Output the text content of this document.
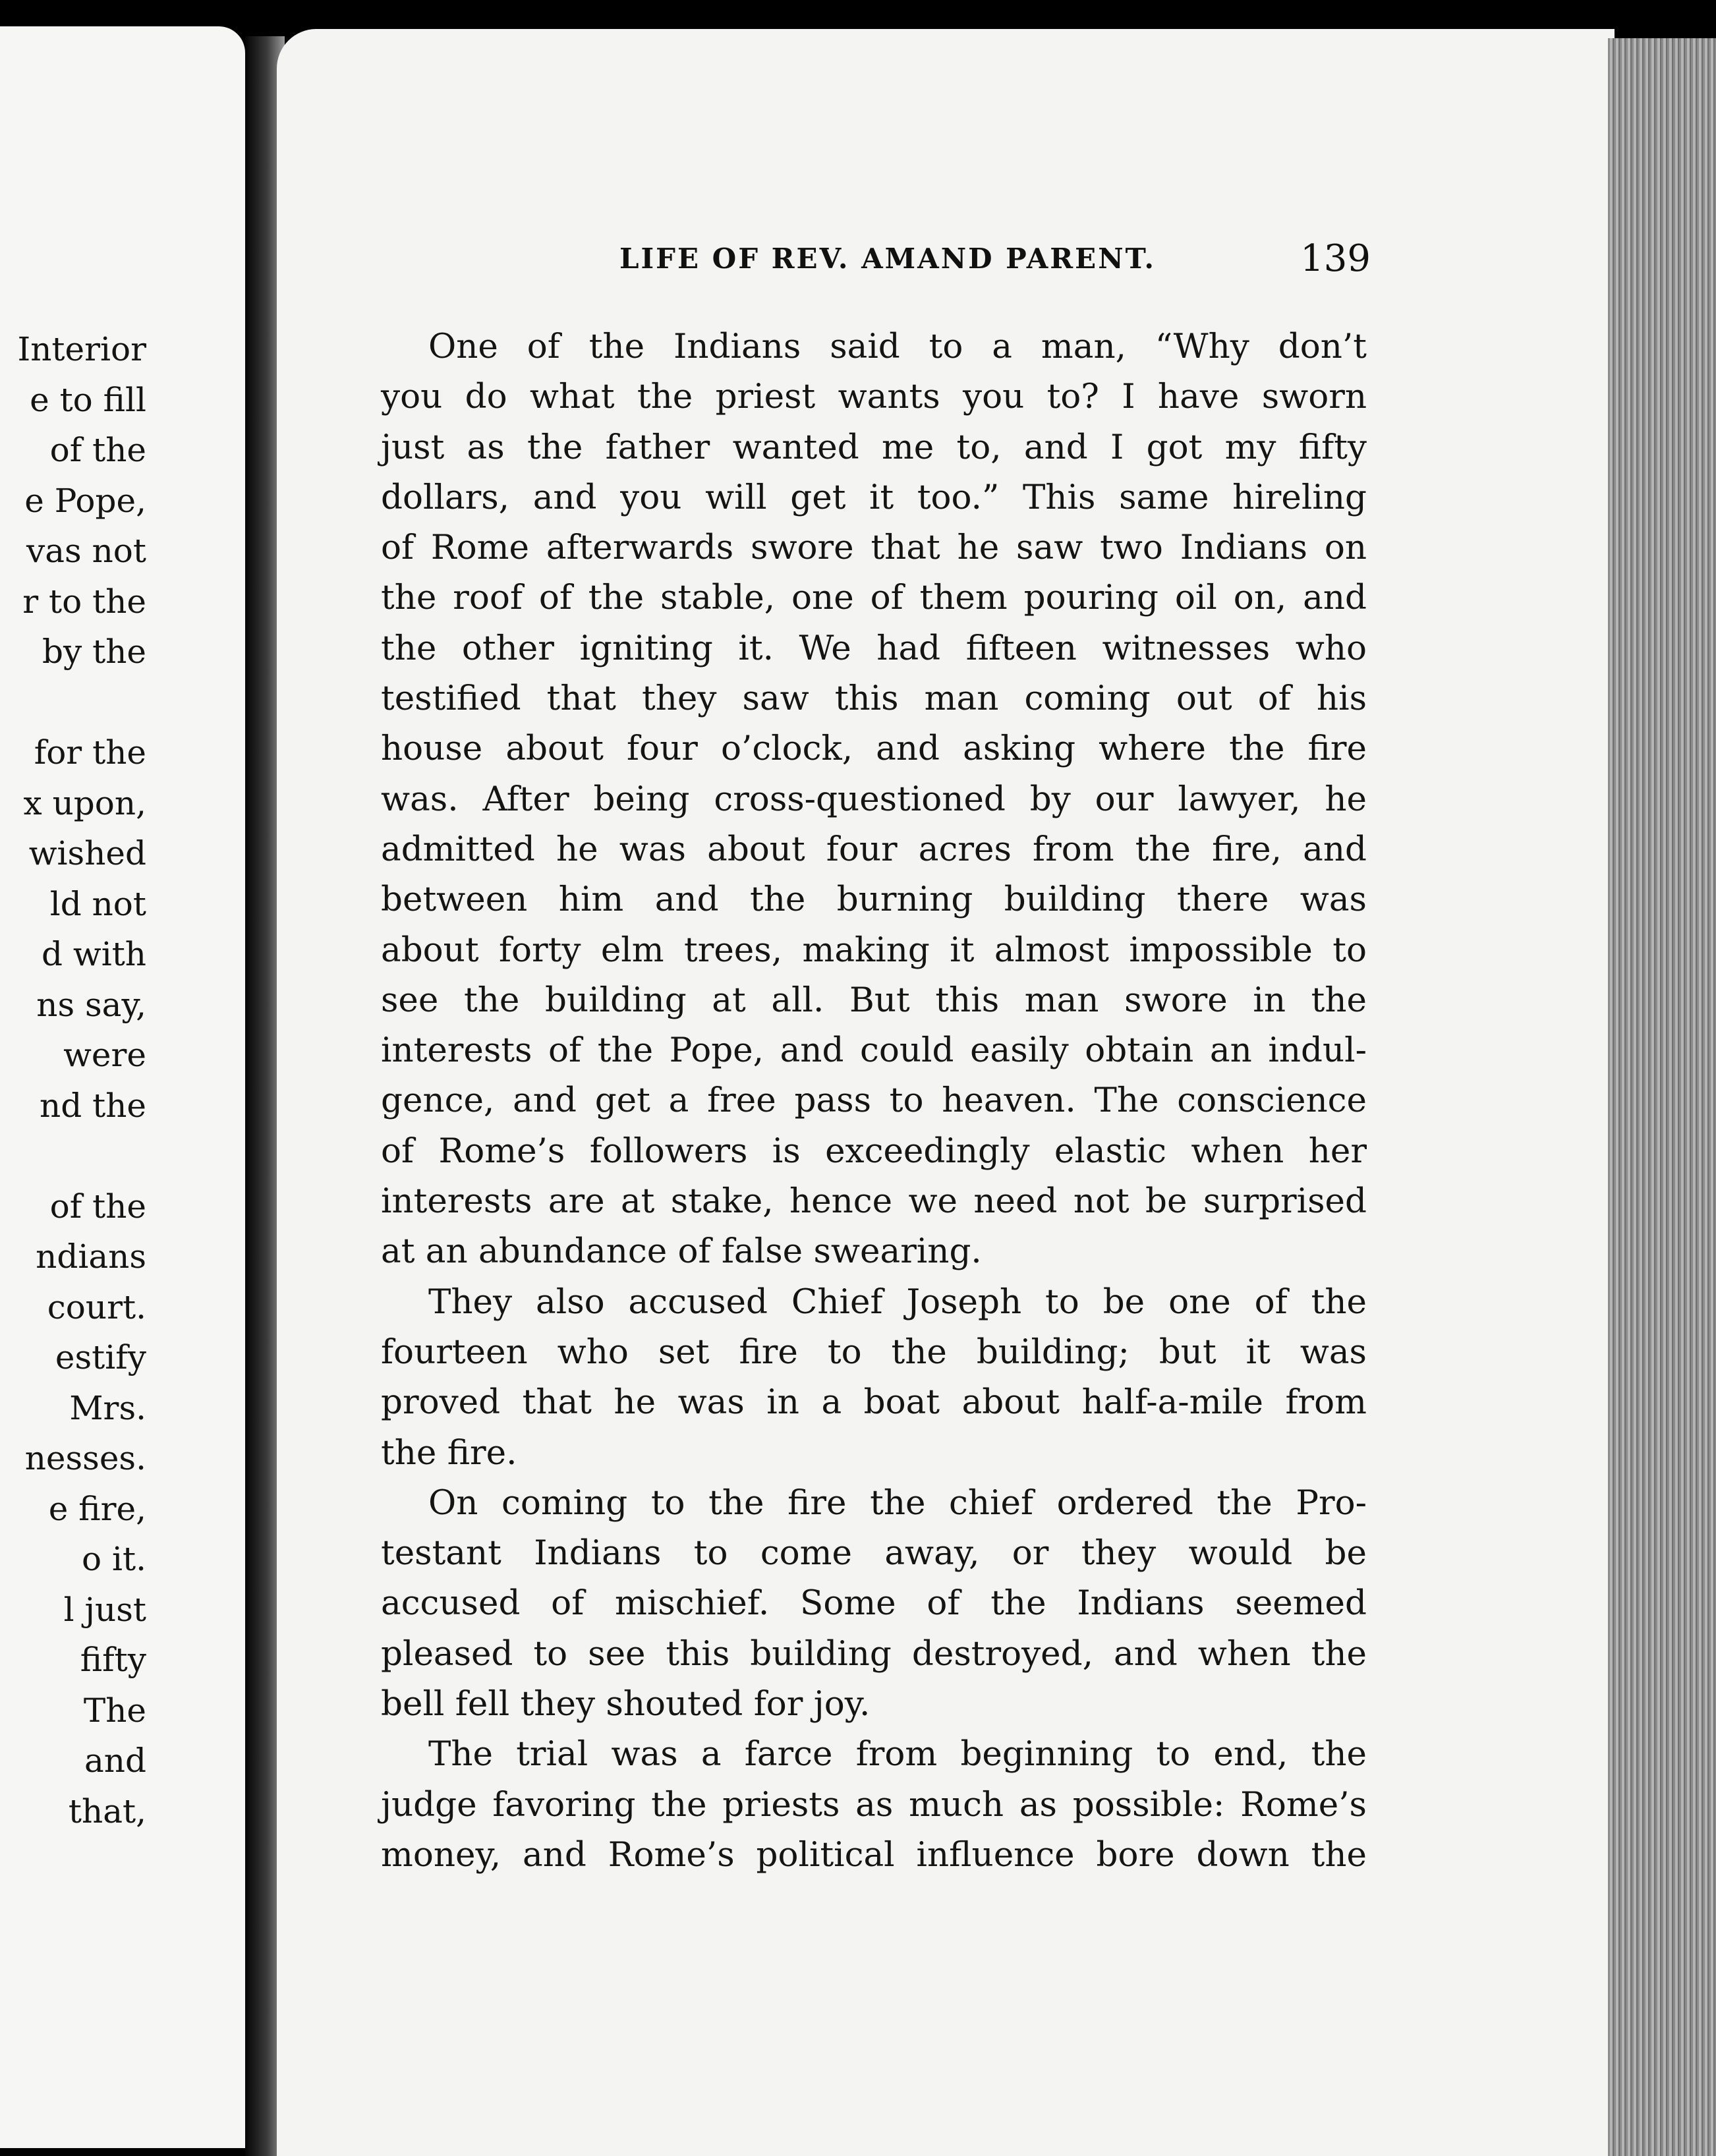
Interior
e to fill
of the
e Pope,
vas not
r to the
by the
for the
x upon,
wished
ld not
d with
ns say,
were
nd the
of the
ndians
court.
estify
Mrs.
nesses.
e fire,
o it.
l just
fifty
The
and
that,
LIFE OF REV. AMAND PARENT.	139
One of the Indians said to a man, “Why don’t
you do what the priest wants you to? I have sworn
just as the father wanted me to, and I got my fifty
dollars, and you will get it too.” This same hireling
of Rome afterwards swore that he saw two Indians on
the roof of the stable, one of them pouring oil on, and
the other igniting it. We had fifteen witnesses who
testified that they saw this man coming out of his
house about four o’clock, and asking where the fire
was. After being cross-questioned by our lawyer, he
admitted he was about four acres from the fire, and
between him and the burning building there was
about forty elm trees, making it almost impossible to
see the building at all. But this man swore in the
interests of the Pope, and could easily obtain an indul-
gence, and get a free pass to heaven. The conscience
of Rome’s followers is exceedingly elastic when her
interests are at stake, hence we need not be surprised
at an abundance of false swearing.
They also accused Chief Joseph to be one of the
fourteen who set fire to the building; but it was
proved that he was in a boat about half-a-mile from
the fire.
On coming to the fire the chief ordered the Pro-
testant Indians to come away, or they would be
accused of mischief. Some of the Indians seemed
pleased to see this building destroyed, and when the
bell fell they shouted for joy.
The trial was a farce from beginning to end, the
judge favoring the priests as much as possible: Rome’s
money, and Rome’s political influence bore down the
